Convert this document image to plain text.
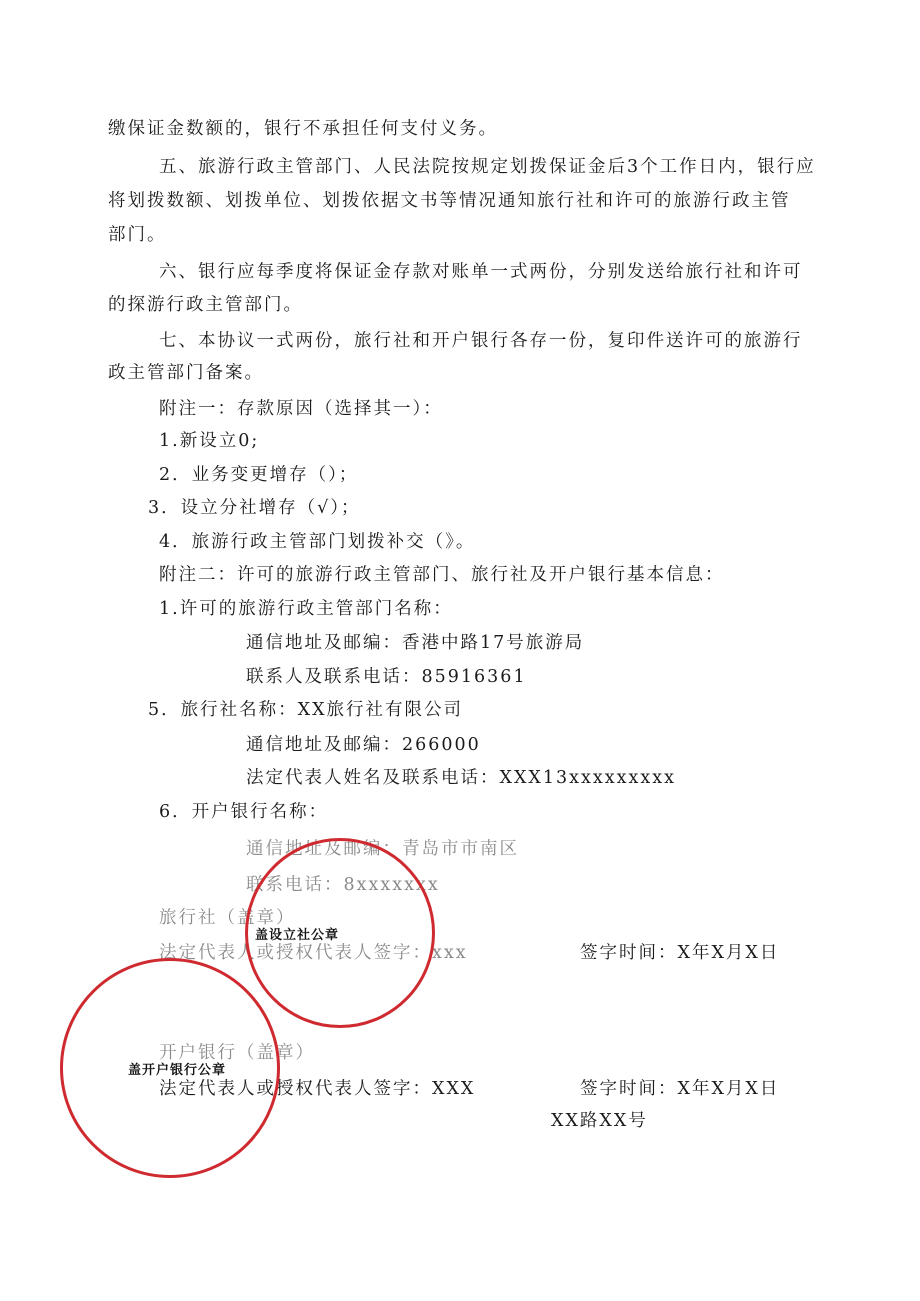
缴保证金数额的，银行不承担任何支付义务。
五、旅游行政主管部门、人民法院按规定划拨保证金后3个工作日内，银行应
将划拨数额、划拨单位、划拨依据文书等情况通知旅行社和许可的旅游行政主管
部门。
六、银行应每季度将保证金存款对账单一式两份，分别发送给旅行社和许可
的探游行政主管部门。
七、本协议一式两份，旅行社和开户银行各存一份，复印件送许可的旅游行
政主管部门备案。
附注一：存款原因（选择其一）：
1.新设立0;
2．业务变更增存（）；
3．设立分社增存（√）；
4．旅游行政主管部门划拨补交（》。
附注二：许可的旅游行政主管部门、旅行社及开户银行基本信息：
1.许可的旅游行政主管部门名称：
通信地址及邮编：香港中路17号旅游局
联系人及联系电话：85916361
5．旅行社名称：XX旅行社有限公司
通信地址及邮编：266000
法定代表人姓名及联系电话：XXX13xxxxxxxxx
6．开户银行名称：
通信地址及邮编：青岛市市南区
联系电话：8xxxxxxx
旅行社（盖章）
法定代表人或授权代表人签字：xxx	签字时间：X年X月X日
开户银行（盖章）
法定代表人或授权代表人签字：XXX	签字时间：X年X月X日
XX路XX号
盖设立社公章
盖开户银行公章
